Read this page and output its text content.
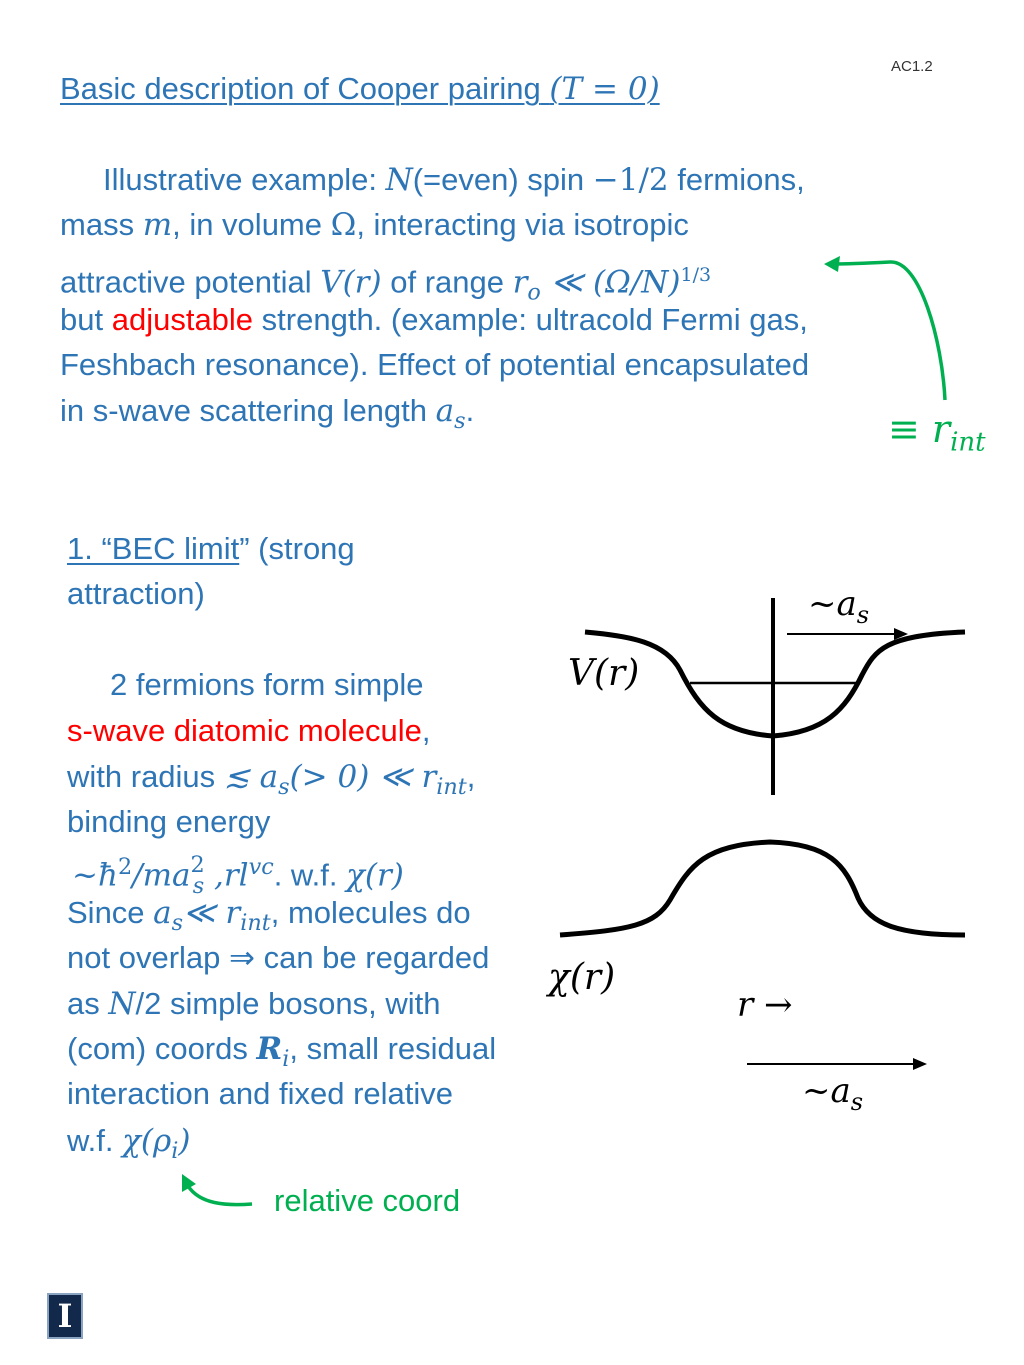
AC1.2
Basic description of Cooper pairing (T = 0)
Illustrative example: N(=even) spin −1/2 fermions,
mass m, in volume Ω, interacting via isotropic
attractive potential V(r) of range $r_o$ ≪ $(\Omega/N)^{1/3}$
but adjustable strength. (example: ultracold Fermi gas,
Feshbach resonance). Effect of potential encapsulated
in s-wave scattering length $a_s$.	≡ $r_{int}$
1. “BEC limit” (strong
attraction)
2 fermions form simple
s-wave diatomic molecule,
with radius ≲ $a_s(> 0)$ ≪ $r_{int}$,
binding energy
$\sim ħ^2/ma^2_s$ $,rl^{vc}$. w.f. χ(r)
Since $a_s≪$ $r_{int}$, molecules do
not overlap ⇒ can be regarded
as N/2 simple bosons, with
(com) coords $R_i$, small residual
interaction and fixed relative
w.f. $\chi(\rho_i)$
relative coord
$\sim a_s$
V(r)
χ(r)
r →
$\sim a_s$
I
